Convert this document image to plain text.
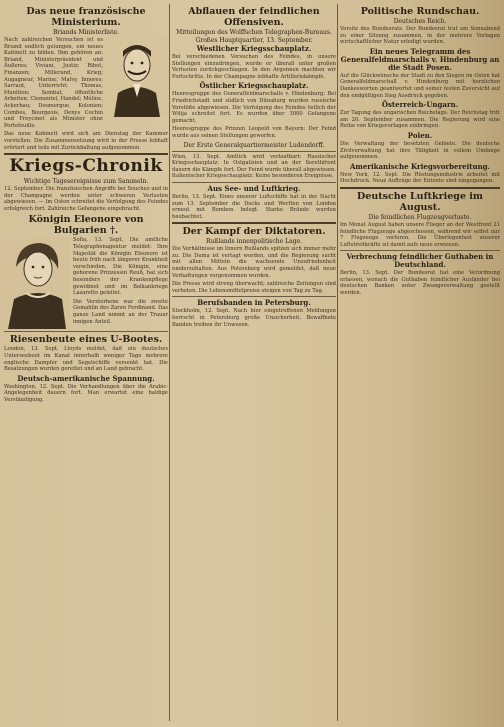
Das neue französische Ministerium.
Briands Ministerliste.
Nach zahlreichen Versuchen ist es Briand endlich gelungen, ein neues Kabinett zu bilden. Ihm gehören an: Briand, Ministerpräsident und Äußeres; Viviani, Justiz; Ribot, Finanzen; Millerand, Krieg; Augagneur, Marine; Malvy, Inneres; Sarraut, Unterricht; Thomas, Munition; Sembat, öffentliche Arbeiten; Clementel, Handel; Méline, Ackerbau; Doumergue, Kolonien; Combes, Bourgeois, Denys Cochin und Freycinet als Minister ohne Portefeuille.
Das neue Kabinett wird sich am Dienstag der Kammer vorstellen. Die Zusammensetzung wird in der Presse lebhaft erörtert und teils mit Zurückhaltung aufgenommen.
Kriegs-Chronik
Wichtige Tagesereignisse zum Sammeln.
12. September. Die französischen Angriffe bei Souchez und in der Champagne werden unter schweren Verlusten abgewiesen. — Im Osten schreitet die Verfolgung des Feindes erfolgreich fort. Zahlreiche Gefangene eingebracht.
Königin Eleonore von Bulgarien †.
Sofia, 13. Sept. Die amtliche Telegraphenagentur meldet: Ihre Majestät die Königin Eleonore ist heute früh nach längerer Krankheit verschieden. Die Königin, eine geborene Prinzessin Reuß, hat sich besonders der Krankenpflege gewidmet und im Balkankriege Lazarette geleitet.
Die Verstorbene war die zweite Gemahlin des Zaren Ferdinand. Das ganze Land nimmt an der Trauer innigen Anteil.
Riesenbeute eines U-Bootes.
London, 13. Sept. Lloyds meldet, daß ein deutsches Unterseeboot im Kanal innerhalb weniger Tage mehrere englische Dampfer und Segelschiffe versenkt hat. Die Besatzungen wurden gerettet und an Land gebracht.
Deutsch-amerikanische Spannung.
Washington, 12. Sept. Die Verhandlungen über die Arabic-Angelegenheit dauern fort. Man erwartet eine baldige Verständigung.
Abflauen der feindlichen Offensiven.
Mitteilungen des Wolffschen Telegraphen-Bureaus.
Großes Hauptquartier, 13. September.
Westlicher Kriegsschauplatz.
Bei verschiedenen Versuchen des Feindes, in unsere Stellungen einzudringen, wurde er überall unter großen Verlusten zurückgeschlagen. In den Argonnen machten wir Fortschritte. In der Champagne lebhafte Artilleriekämpfe.
Östlicher Kriegsschauplatz.
Heeresgruppe des Generalfeldmarschalls v. Hindenburg: Bei Friedrichstadt und südlich von Dünaburg wurden russische Vorstöße abgewiesen. Die Verfolgung des Feindes östlich der Wilija schreitet fort. Es wurden über 3000 Gefangene gemacht.
Heeresgruppe des Prinzen Leopold von Bayern: Der Feind wurde aus seinen Stellungen geworfen.
Der Erste Generalquartiermeister Ludendorff.
Wien, 13. Sept. Amtlich wird verlautbart: Russischer Kriegsschauplatz: In Ostgalizien und an der Serethfront dauern die Kämpfe fort. Der Feind wurde überall abgewiesen. Italienischer Kriegsschauplatz: Keine besonderen Ereignisse.
Aus See- und Luftkrieg.
Berlin, 13. Sept. Eines unserer Luftschiffe hat in der Nacht zum 13. September die Docks und Werften von London erneut mit Bomben belegt. Starke Brände wurden beobachtet.
Der Kampf der Diktatoren.
Rußlands innenpolitische Lage.
Die Verhältnisse im Innern Rußlands spitzen sich immer mehr zu. Die Duma ist vertagt worden, und die Regierung sucht mit allen Mitteln die wachsende Unzufriedenheit niederzuhalten. Aus Petersburg wird gemeldet, daß neue Verhaftungen vorgenommen wurden.
Die Presse wird streng überwacht; zahlreiche Zeitungen sind verboten. Die Lebensmittelpreise steigen von Tag zu Tag.
Berufsbanden in Petersburg.
Stockholm, 12. Sept. Nach hier eingetroffenen Meldungen herrscht in Petersburg große Unsicherheit. Bewaffnete Banden treiben ihr Unwesen.
Politische Rundschau.
Deutsches Reich.
Vorsitz des Bundesrats. Der Bundesrat trat am Sonnabend zu einer Sitzung zusammen, in der mehrere Vorlagen wirtschaftlicher Natur erledigt wurden.
Ein neues Telegramm des Generalfeldmarschalls v. Hindenburg an die Stadt Posen.
Auf die Glückwünsche der Stadt zu den Siegen im Osten hat Generalfeldmarschall v. Hindenburg mit herzlichen Dankesworten geantwortet und seiner festen Zuversicht auf den endgültigen Sieg Ausdruck gegeben.
Österreich-Ungarn.
Zur Tagung des ungarischen Reichstags. Der Reichstag tritt am 20. September zusammen. Die Regierung wird eine Reihe von Kriegsvorlagen einbringen.
Polen.
Die Verwaltung der besetzten Gebiete. Die deutsche Zivilverwaltung hat ihre Tätigkeit in vollem Umfange aufgenommen.
Amerikanische Kriegsvorbereitung.
New York, 12. Sept. Die Rüstungsindustrie arbeitet mit Hochdruck. Neue Aufträge der Entente sind eingegangen.
Deutsche Luftkriege im August.
Die feindlichen Flugzeugverluste.
Im Monat August haben unsere Flieger an der Westfront 21 feindliche Flugzeuge abgeschossen, während wir selbst nur 7 Flugzeuge verloren. Die Überlegenheit unserer Luftstreitkräfte ist damit aufs neue erwiesen.
Verbrechung feindlicher Guthaben in Deutschland.
Berlin, 13. Sept. Der Bundesrat hat eine Verordnung erlassen, wonach die Guthaben feindlicher Ausländer bei deutschen Banken unter Zwangsverwaltung gestellt werden.
